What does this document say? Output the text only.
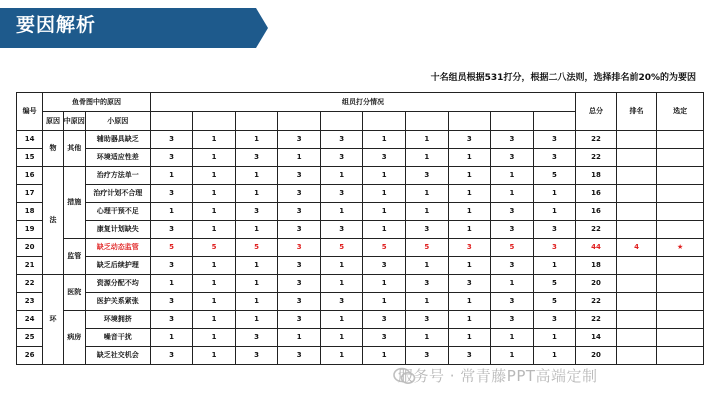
要因解析
十名组员根据531打分，根据二八法则，选择排名前20%的为要因
编号	鱼骨图中的原因			组员打分情况										总分	排名	选定
	原因	中原因	小原因													
14	物	其他	辅助器具缺乏	3	1	1	3	3	1	1	3	3	3	22		
15			环境适应性差	3	1	3	1	3	3	1	1	3	3	22		
16	法	措施	治疗方法单一	1	1	1	3	1	1	3	1	1	5	18		
17			治疗计划不合理	3	1	1	3	3	1	1	1	1	1	16		
18			心理干预不足	1	1	3	3	1	1	1	1	3	1	16		
19			康复计划缺失	3	1	1	3	3	1	3	1	3	3	22		
20		监管	缺乏动态监管	5	5	5	3	5	5	5	3	5	3	44	4	★
21			缺乏后续护理	3	1	1	3	1	3	1	1	3	1	18		
22	环	医院	资源分配不均	1	1	1	3	1	1	3	3	1	5	20		
23			医护关系紧张	3	1	1	3	3	1	1	1	3	5	22		
24		病房	环境拥挤	3	1	1	3	1	3	3	1	3	3	22		
25			噪音干扰	1	1	3	1	1	3	1	1	1	1	14		
26			缺乏社交机会	3	1	3	3	1	1	3	3	1	1	20		
服务号 · 常青藤PPT高端定制
